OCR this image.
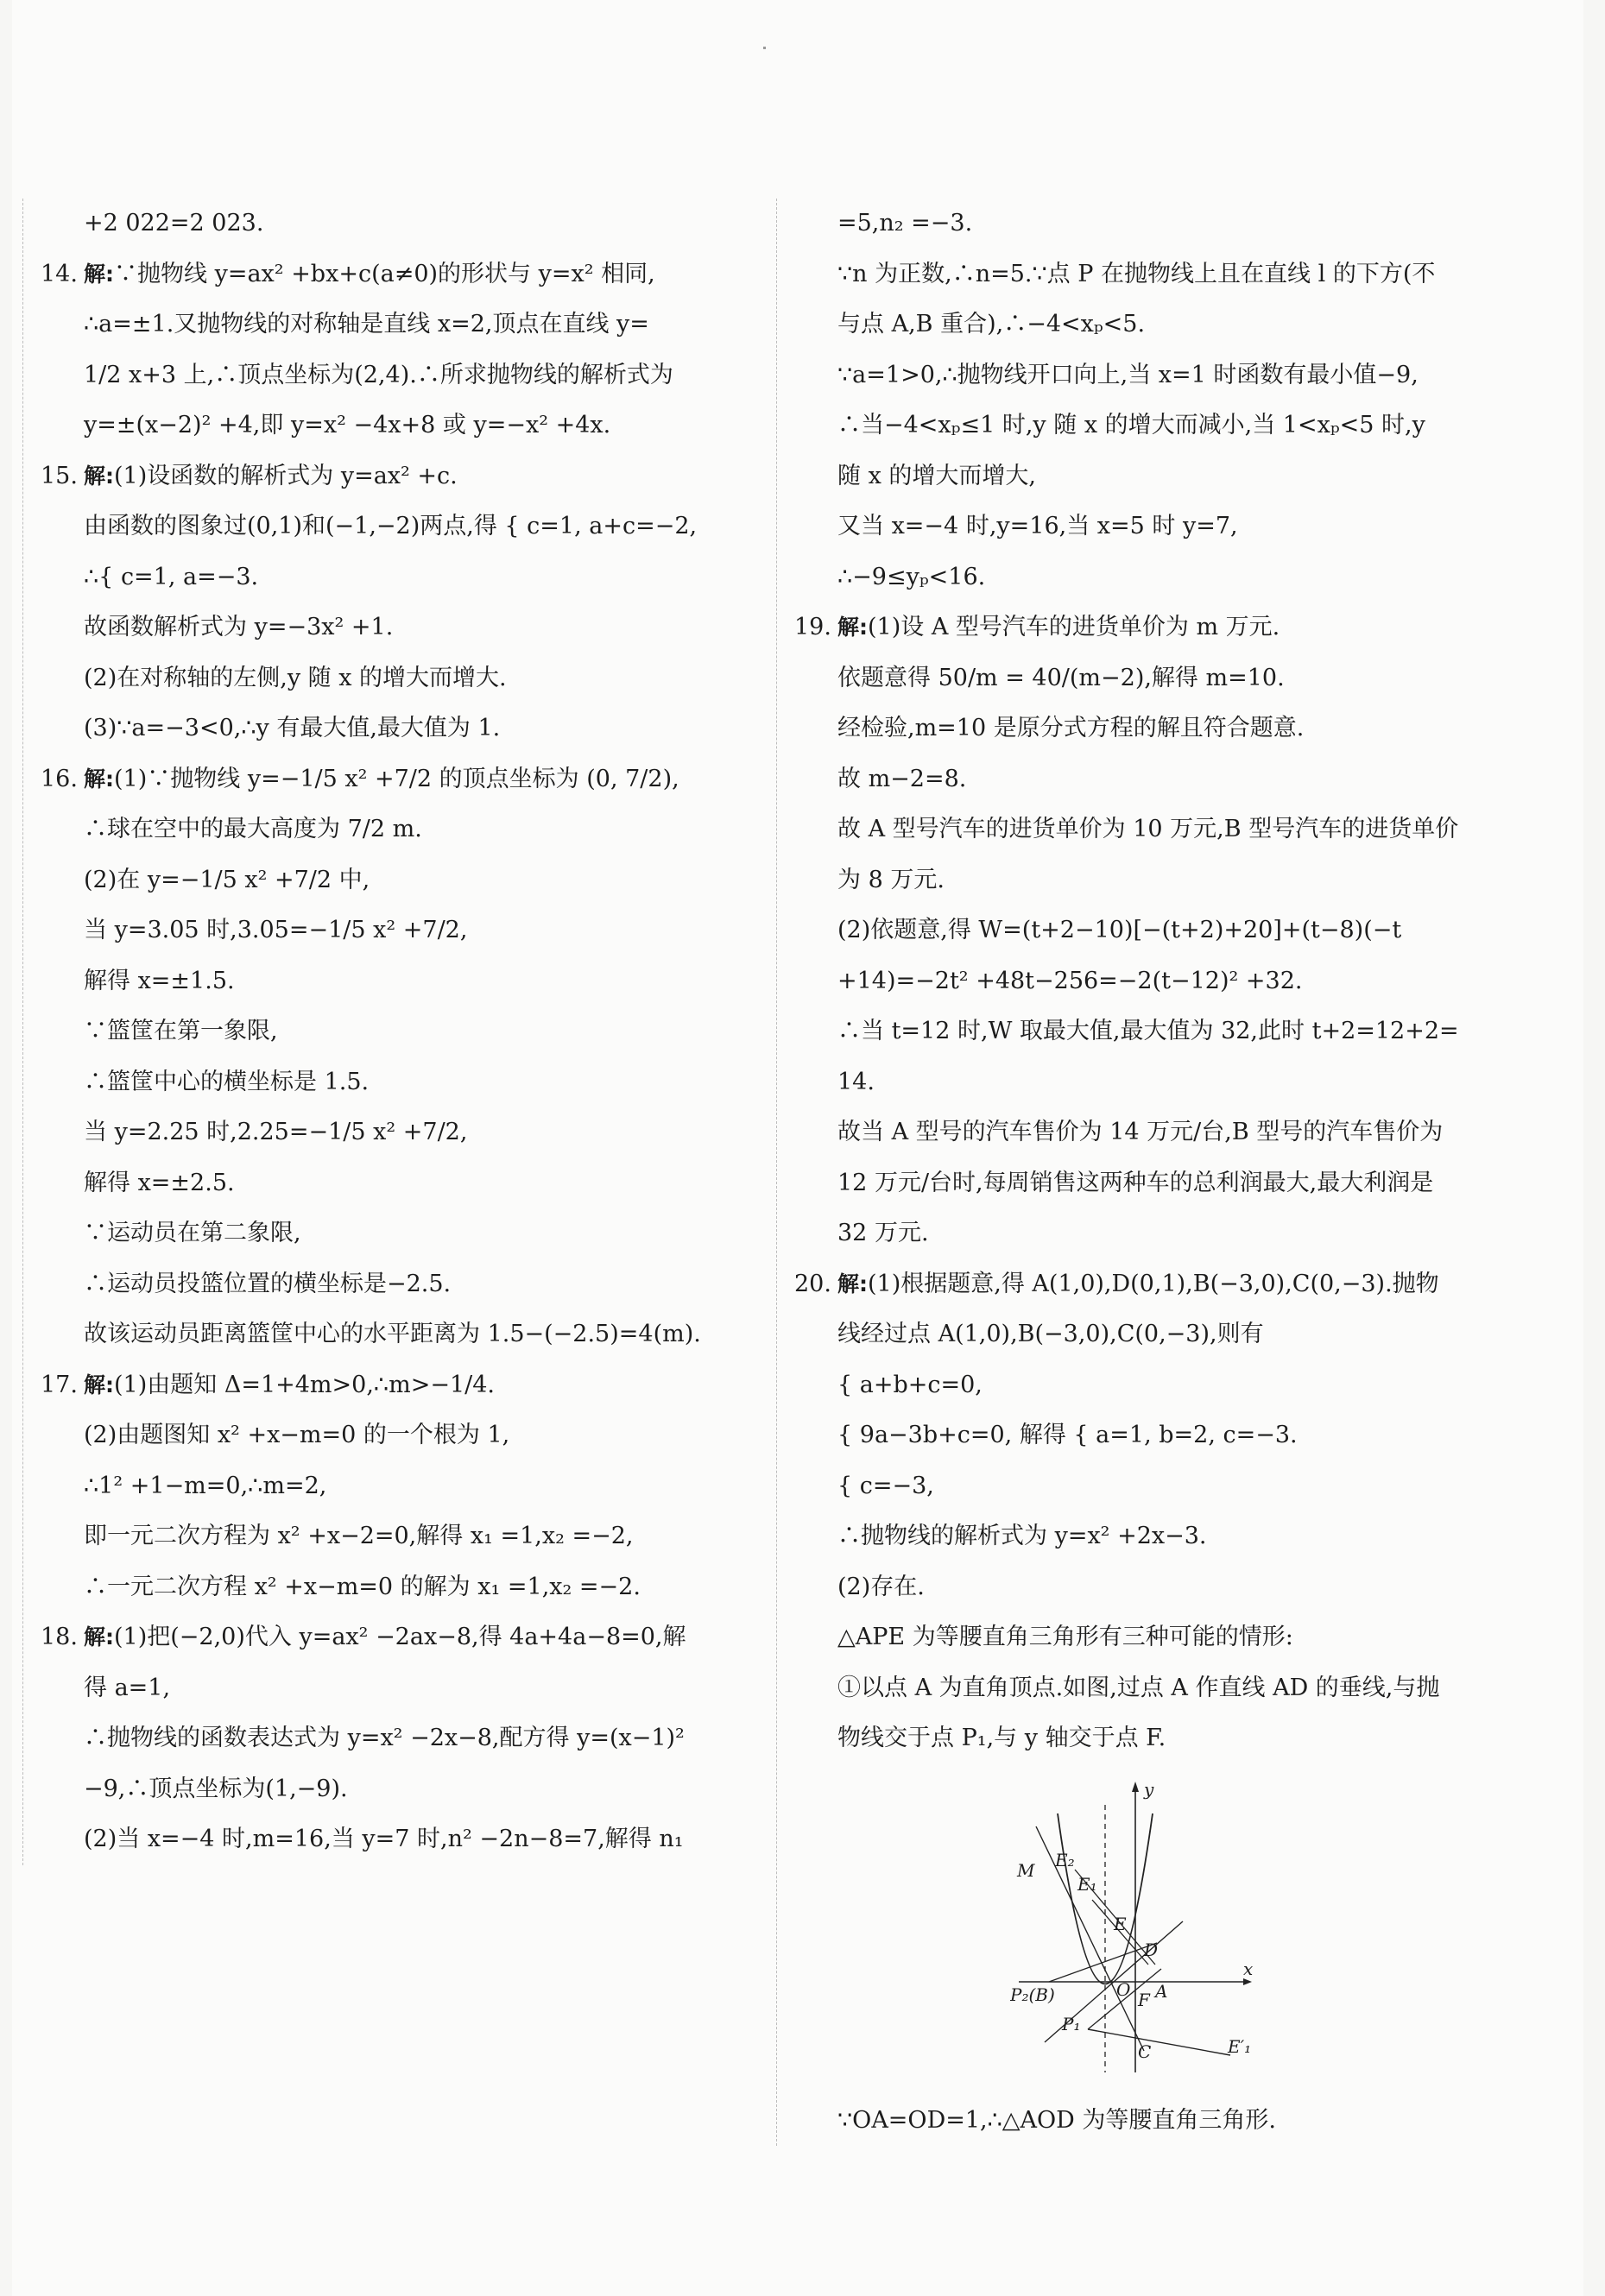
+2 022=2 023.
14. 解:∵抛物线 y=ax² +bx+c(a≠0)的形状与 y=x² 相同,
∴a=±1.又抛物线的对称轴是直线 x=2,顶点在直线 y=
1/2 x+3 上,∴顶点坐标为(2,4).∴所求抛物线的解析式为
y=±(x−2)² +4,即 y=x² −4x+8 或 y=−x² +4x.
15. 解:(1)设函数的解析式为 y=ax² +c.
由函数的图象过(0,1)和(−1,−2)两点,得 { c=1, a+c=−2,
∴{ c=1, a=−3.
故函数解析式为 y=−3x² +1.
(2)在对称轴的左侧,y 随 x 的增大而增大.
(3)∵a=−3<0,∴y 有最大值,最大值为 1.
16. 解:(1)∵抛物线 y=−1/5 x² +7/2 的顶点坐标为 (0, 7/2),
∴球在空中的最大高度为 7/2 m.
(2)在 y=−1/5 x² +7/2 中,
当 y=3.05 时,3.05=−1/5 x² +7/2,
解得 x=±1.5.
∵篮筐在第一象限,
∴篮筐中心的横坐标是 1.5.
当 y=2.25 时,2.25=−1/5 x² +7/2,
解得 x=±2.5.
∵运动员在第二象限,
∴运动员投篮位置的横坐标是−2.5.
故该运动员距离篮筐中心的水平距离为 1.5−(−2.5)=4(m).
17. 解:(1)由题知 Δ=1+4m>0,∴m>−1/4.
(2)由题图知 x² +x−m=0 的一个根为 1,
∴1² +1−m=0,∴m=2,
即一元二次方程为 x² +x−2=0,解得 x₁ =1,x₂ =−2,
∴一元二次方程 x² +x−m=0 的解为 x₁ =1,x₂ =−2.
18. 解:(1)把(−2,0)代入 y=ax² −2ax−8,得 4a+4a−8=0,解
得 a=1,
∴抛物线的函数表达式为 y=x² −2x−8,配方得 y=(x−1)²
−9,∴顶点坐标为(1,−9).
(2)当 x=−4 时,m=16,当 y=7 时,n² −2n−8=7,解得 n₁
=5,n₂ =−3.
∵n 为正数,∴n=5.∵点 P 在抛物线上且在直线 l 的下方(不
与点 A,B 重合),∴−4<xₚ<5.
∵a=1>0,∴抛物线开口向上,当 x=1 时函数有最小值−9,
∴当−4<xₚ≤1 时,y 随 x 的增大而减小,当 1<xₚ<5 时,y
随 x 的增大而增大,
又当 x=−4 时,y=16,当 x=5 时 y=7,
∴−9≤yₚ<16.
19. 解:(1)设 A 型号汽车的进货单价为 m 万元.
依题意得 50/m = 40/(m−2),解得 m=10.
经检验,m=10 是原分式方程的解且符合题意.
故 m−2=8.
故 A 型号汽车的进货单价为 10 万元,B 型号汽车的进货单价
为 8 万元.
(2)依题意,得 W=(t+2−10)[−(t+2)+20]+(t−8)(−t
+14)=−2t² +48t−256=−2(t−12)² +32.
∴当 t=12 时,W 取最大值,最大值为 32,此时 t+2=12+2=
14.
故当 A 型号的汽车售价为 14 万元/台,B 型号的汽车售价为
12 万元/台时,每周销售这两种车的总利润最大,最大利润是
32 万元.
20. 解:(1)根据题意,得 A(1,0),D(0,1),B(−3,0),C(0,−3).抛物
线经过点 A(1,0),B(−3,0),C(0,−3),则有
{ a+b+c=0,
{ 9a−3b+c=0, 解得 { a=1, b=2, c=−3.
{ c=−3,
∴抛物线的解析式为 y=x² +2x−3.
(2)存在.
△APE 为等腰直角三角形有三种可能的情形:
①以点 A 为直角顶点.如图,过点 A 作直线 AD 的垂线,与抛
物线交于点 P₁,与 y 轴交于点 F.
y
x
M E₂
E₁
E
D
P₂(B)	O F A
P₁
C	E′₁
∵OA=OD=1,∴△AOD 为等腰直角三角形.
